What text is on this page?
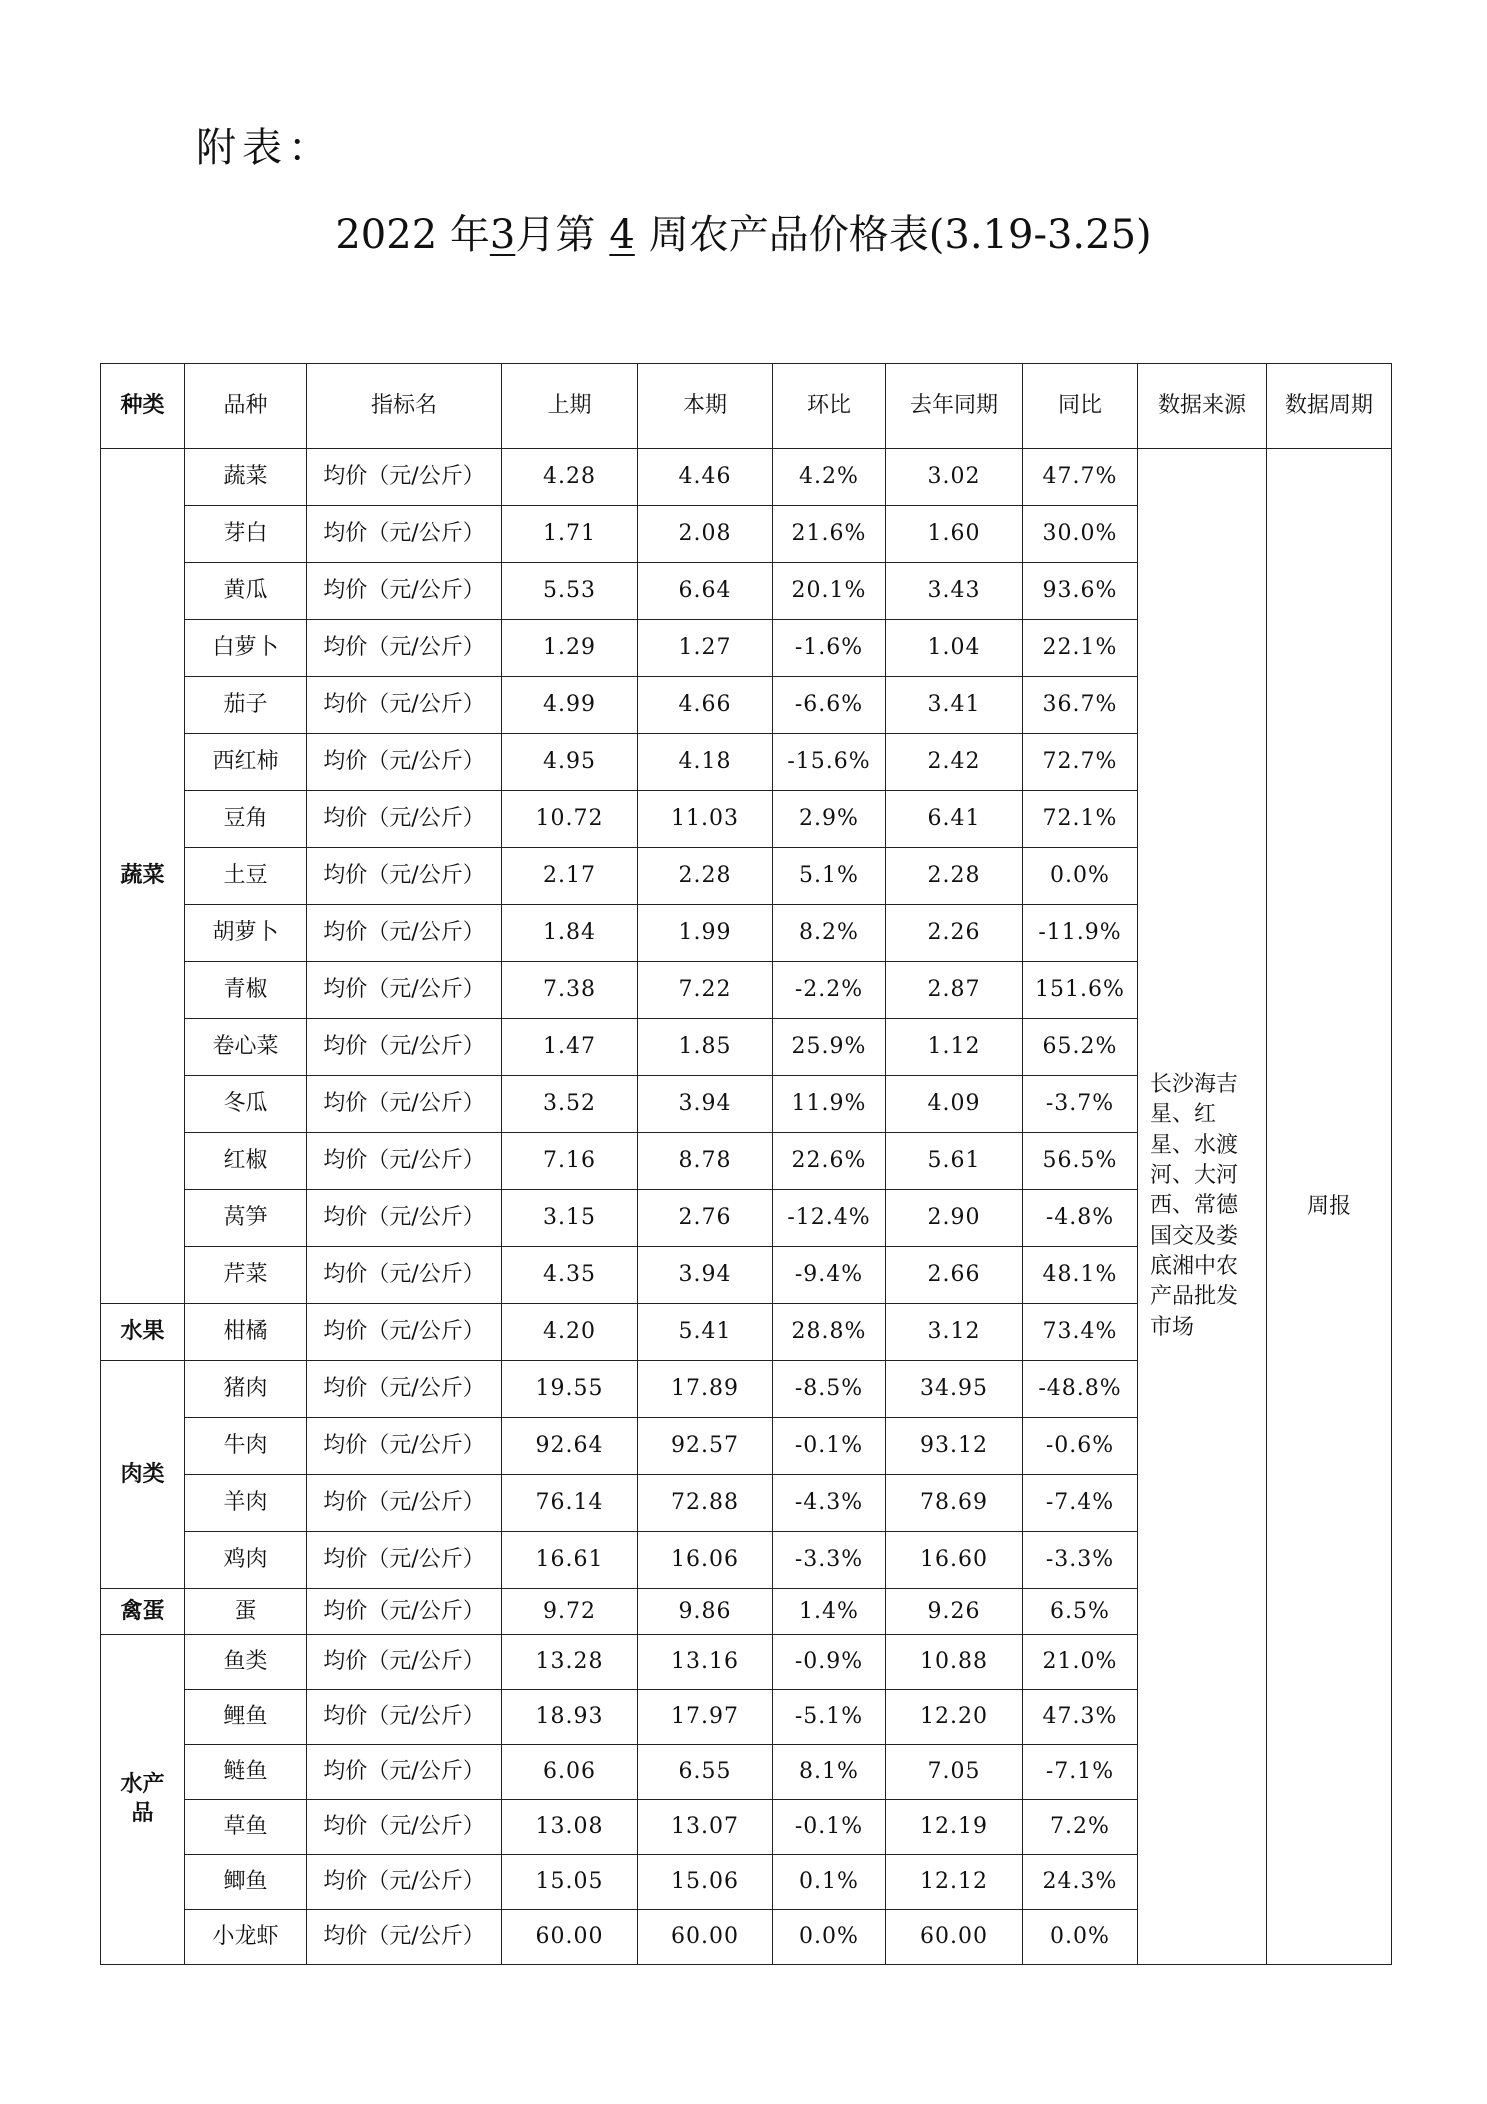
附表：
2022 年3月第 4 周农产品价格表(3.19-3.25)
种类	品种	指标名	上期	本期	环比	去年同期	同比	数据来源	数据周期
蔬菜	蔬菜	均价（元/公斤）	4.28	4.46	4.2%	3.02	47.7%	长沙海吉星、红星、水渡河、大河西、常德国交及娄底湘中农产品批发市场	周报
	芽白	均价（元/公斤）	1.71	2.08	21.6%	1.60	30.0%		
	黄瓜	均价（元/公斤）	5.53	6.64	20.1%	3.43	93.6%		
	白萝卜	均价（元/公斤）	1.29	1.27	-1.6%	1.04	22.1%		
	茄子	均价（元/公斤）	4.99	4.66	-6.6%	3.41	36.7%		
	西红柿	均价（元/公斤）	4.95	4.18	-15.6%	2.42	72.7%		
	豆角	均价（元/公斤）	10.72	11.03	2.9%	6.41	72.1%		
	土豆	均价（元/公斤）	2.17	2.28	5.1%	2.28	0.0%		
	胡萝卜	均价（元/公斤）	1.84	1.99	8.2%	2.26	-11.9%		
	青椒	均价（元/公斤）	7.38	7.22	-2.2%	2.87	151.6%		
	卷心菜	均价（元/公斤）	1.47	1.85	25.9%	1.12	65.2%		
	冬瓜	均价（元/公斤）	3.52	3.94	11.9%	4.09	-3.7%		
	红椒	均价（元/公斤）	7.16	8.78	22.6%	5.61	56.5%		
	莴笋	均价（元/公斤）	3.15	2.76	-12.4%	2.90	-4.8%		
	芹菜	均价（元/公斤）	4.35	3.94	-9.4%	2.66	48.1%		
水果	柑橘	均价（元/公斤）	4.20	5.41	28.8%	3.12	73.4%		
肉类	猪肉	均价（元/公斤）	19.55	17.89	-8.5%	34.95	-48.8%		
	牛肉	均价（元/公斤）	92.64	92.57	-0.1%	93.12	-0.6%		
	羊肉	均价（元/公斤）	76.14	72.88	-4.3%	78.69	-7.4%		
	鸡肉	均价（元/公斤）	16.61	16.06	-3.3%	16.60	-3.3%		
禽蛋	蛋	均价（元/公斤）	9.72	9.86	1.4%	9.26	6.5%		
水产品	鱼类	均价（元/公斤）	13.28	13.16	-0.9%	10.88	21.0%		
	鲤鱼	均价（元/公斤）	18.93	17.97	-5.1%	12.20	47.3%		
	鲢鱼	均价（元/公斤）	6.06	6.55	8.1%	7.05	-7.1%		
	草鱼	均价（元/公斤）	13.08	13.07	-0.1%	12.19	7.2%		
	鲫鱼	均价（元/公斤）	15.05	15.06	0.1%	12.12	24.3%		
	小龙虾	均价（元/公斤）	60.00	60.00	0.0%	60.00	0.0%		
